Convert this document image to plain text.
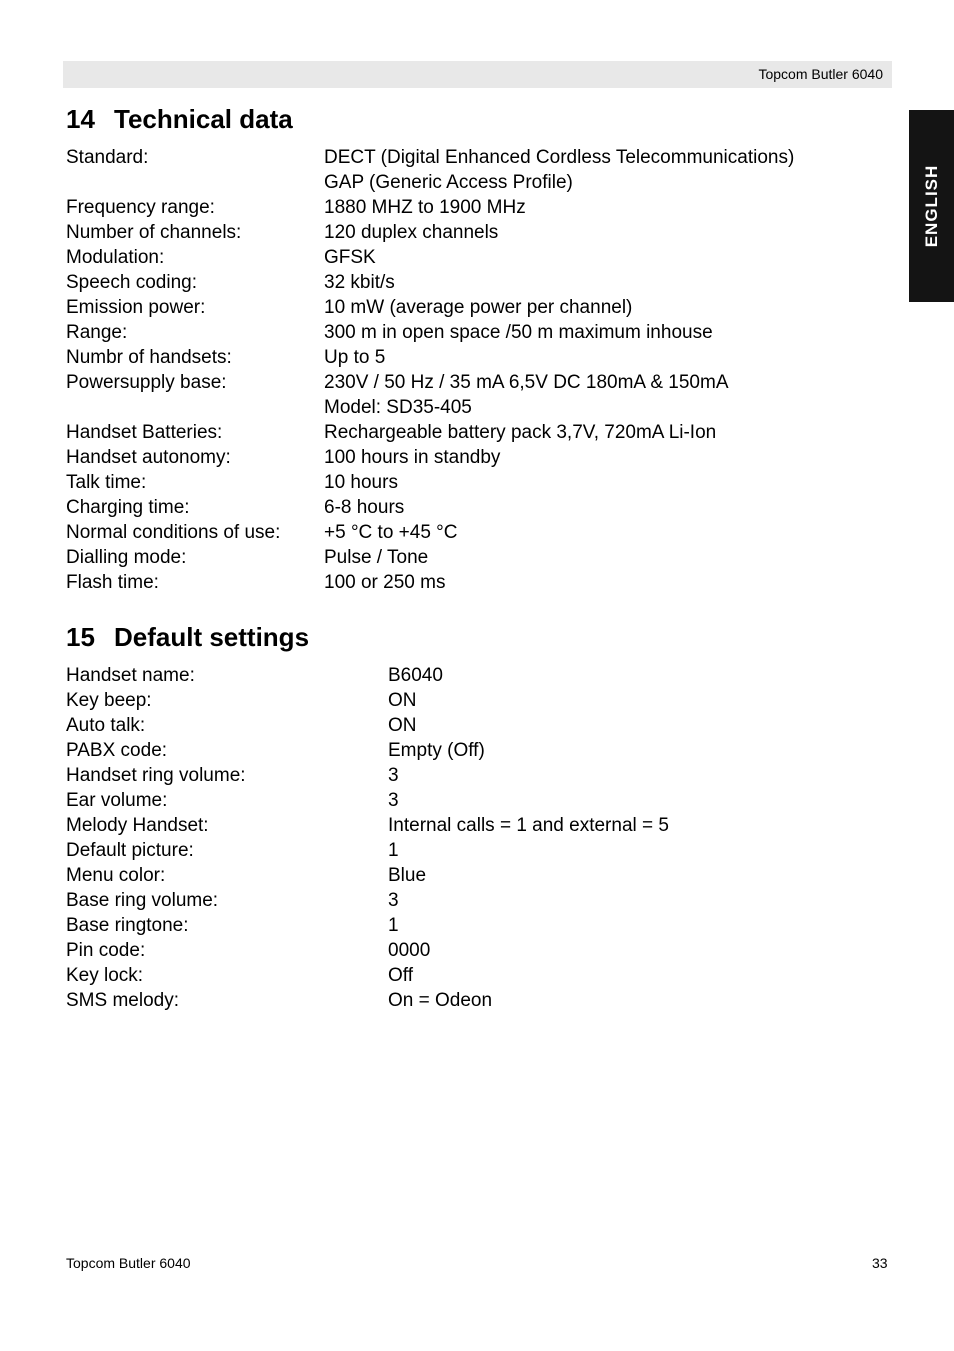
Topcom Butler 6040
ENGLISH
14 Technical data
Standard:	DECT (Digital Enhanced Cordless Telecommunications)
GAP (Generic Access Profile)
Frequency range:	1880 MHZ to 1900 MHz
Number of channels:	120 duplex channels
Modulation:	GFSK
Speech coding:	32 kbit/s
Emission power:	10 mW (average power per channel)
Range:	300 m in open space /50 m maximum inhouse
Numbr of handsets:	Up to 5
Powersupply base:	230V / 50 Hz / 35 mA 6,5V DC 180mA & 150mA
Model: SD35-405
Handset Batteries:	Rechargeable battery pack 3,7V, 720mA Li-Ion
Handset autonomy:	100 hours in standby
Talk time:	10 hours
Charging time:	6-8 hours
Normal conditions of use: +5 °C to +45 °C
Dialling mode:	Pulse / Tone
Flash time:	100 or 250 ms
15 Default settings
Handset name:	B6040
Key beep:	ON
Auto talk:	ON
PABX code:	Empty (Off)
Handset ring volume:	3
Ear volume:	3
Melody Handset:	Internal calls = 1 and external = 5
Default picture:	1
Menu color:	Blue
Base ring volume:	3
Base ringtone:	1
Pin code:	0000
Key lock:	Off
SMS melody:	On = Odeon
Topcom Butler 6040	33
